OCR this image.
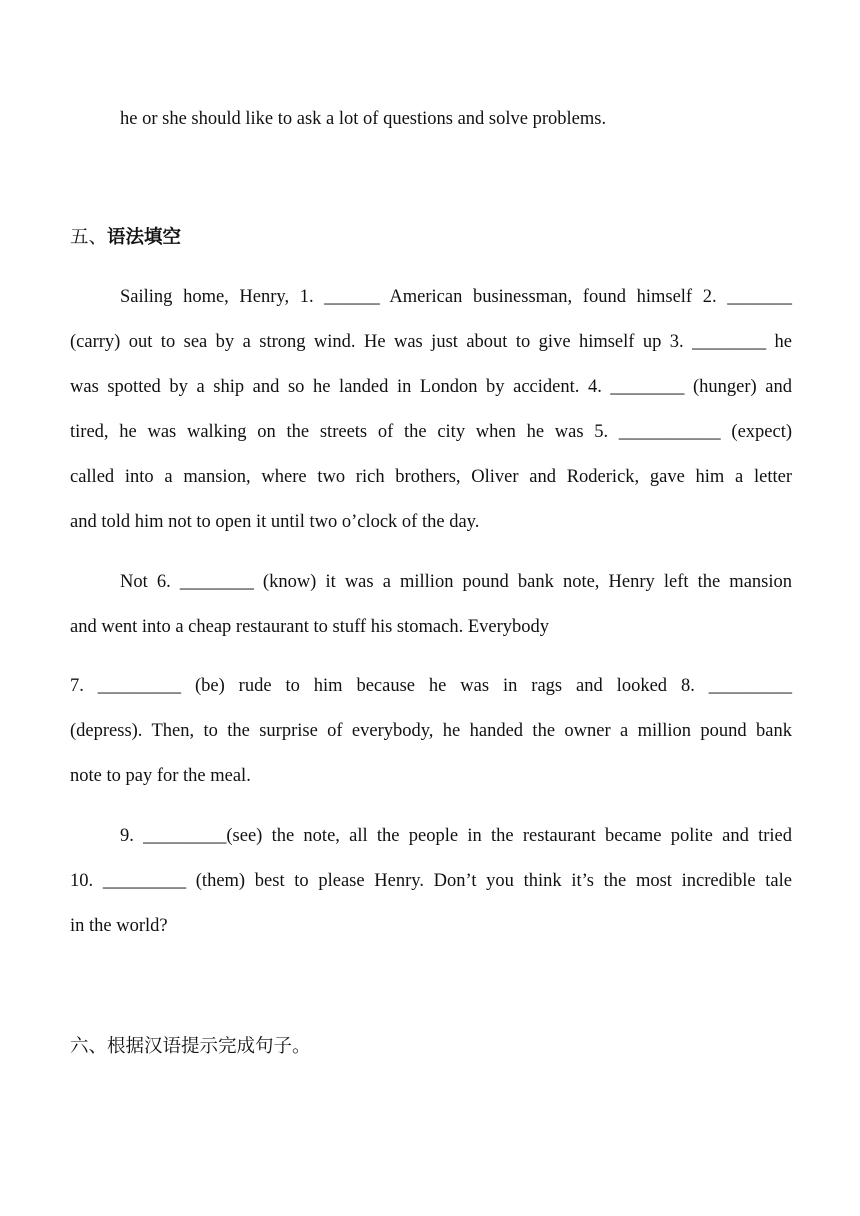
he or she should like to ask a lot of questions and solve problems.
五、语法填空
Sailing home, Henry, 1. ______ American businessman, found himself 2. _______
(carry) out to sea by a strong wind. He was just about to give himself up 3. ________ he
was spotted by a ship and so he landed in London by accident. 4. ________ (hunger) and
tired, he was walking on the streets of the city when he was 5. ___________ (expect)
called into a mansion, where two rich brothers, Oliver and Roderick, gave him a letter
and told him not to open it until two o’clock of the day.
Not 6. ________ (know) it was a million pound bank note, Henry left the mansion
and went into a cheap restaurant to stuff his stomach. Everybody
7. _________ (be) rude to him because he was in rags and looked 8. _________
(depress). Then, to the surprise of everybody, he handed the owner a million pound bank
note to pay for the meal.
9. _________(see) the note, all the people in the restaurant became polite and tried
10. _________ (them) best to please Henry. Don’t you think it’s the most incredible tale
in the world?
六、根据汉语提示完成句子。
